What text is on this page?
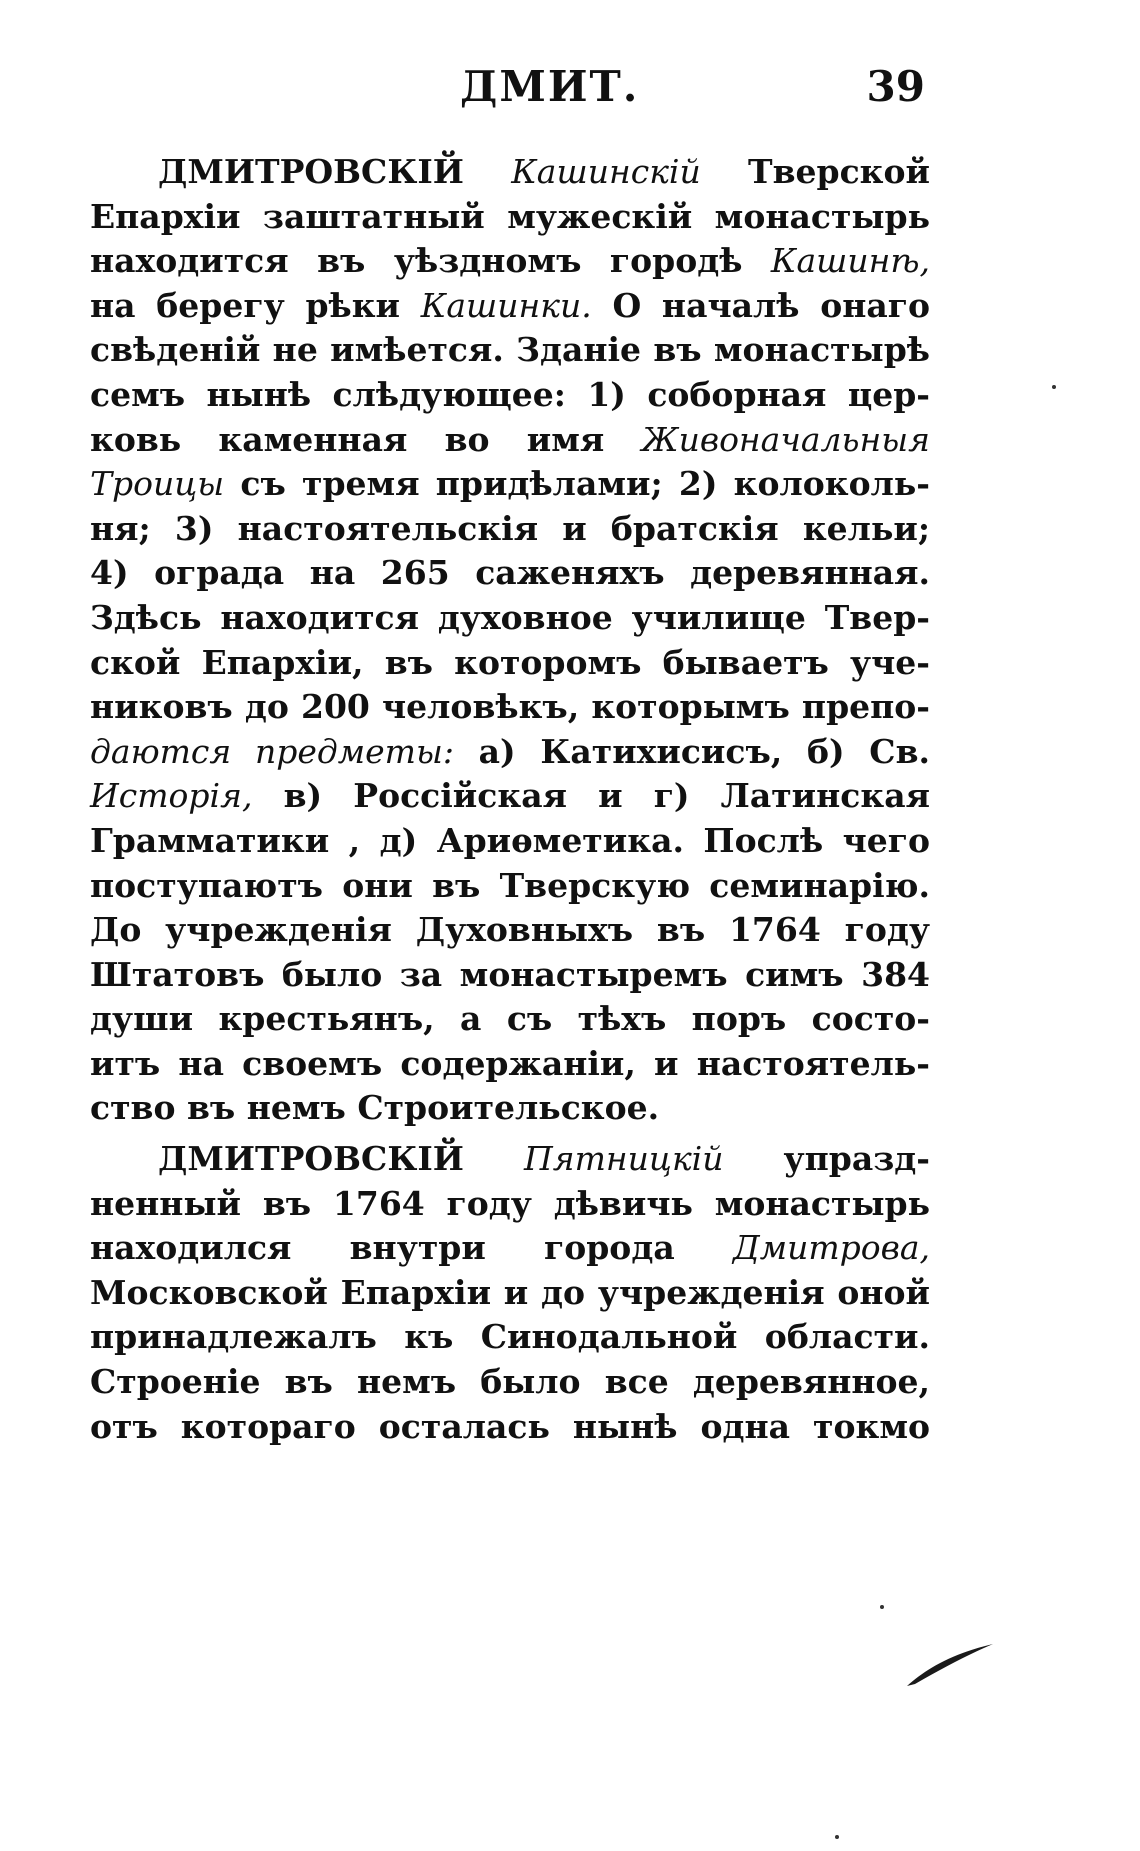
ДМИТ.	39
ДМИТРОВСКІЙ Кашинскій Тверской
Епархіи заштатный мужескій монастырь
находится въ уѣздномъ городѣ Кашинѣ,
на берегу рѣки Кашинки. О началѣ онаго
свѣденій не имѣется. Зданіе въ монастырѣ
семъ нынѣ слѣдующее: 1) соборная цер-
ковь каменная во имя Живоначальныя
Троицы съ тремя придѣлами; 2) колоколь-
ня; 3) настоятельскія и братскія кельи;
4) ограда на 265 саженяхъ деревянная.
Здѣсь находится духовное училище Твер-
ской Епархіи, въ которомъ бываетъ уче-
никовъ до 200 человѣкъ, которымъ препо-
даются предметы: а) Катихисисъ, б) Св.
Исторія, в) Россійская и г) Латинская
Грамматики , д) Ариѳметика. Послѣ чего
поступаютъ они въ Тверскую семинарію.
До учрежденія Духовныхъ въ 1764 году
Штатовъ было за монастыремъ симъ 384
души крестьянъ, а съ тѣхъ поръ состо-
итъ на своемъ содержаніи, и настоятель-
ство въ немъ Строительское.
ДМИТРОВСКІЙ Пятницкій упразд-
ненный въ 1764 году дѣвичь монастырь
находился внутри города Дмитрова,
Московской Епархіи и до учрежденія оной
принадлежалъ къ Синодальной области.
Строеніе въ немъ было все деревянное,
отъ котораго осталась нынѣ одна токмо
